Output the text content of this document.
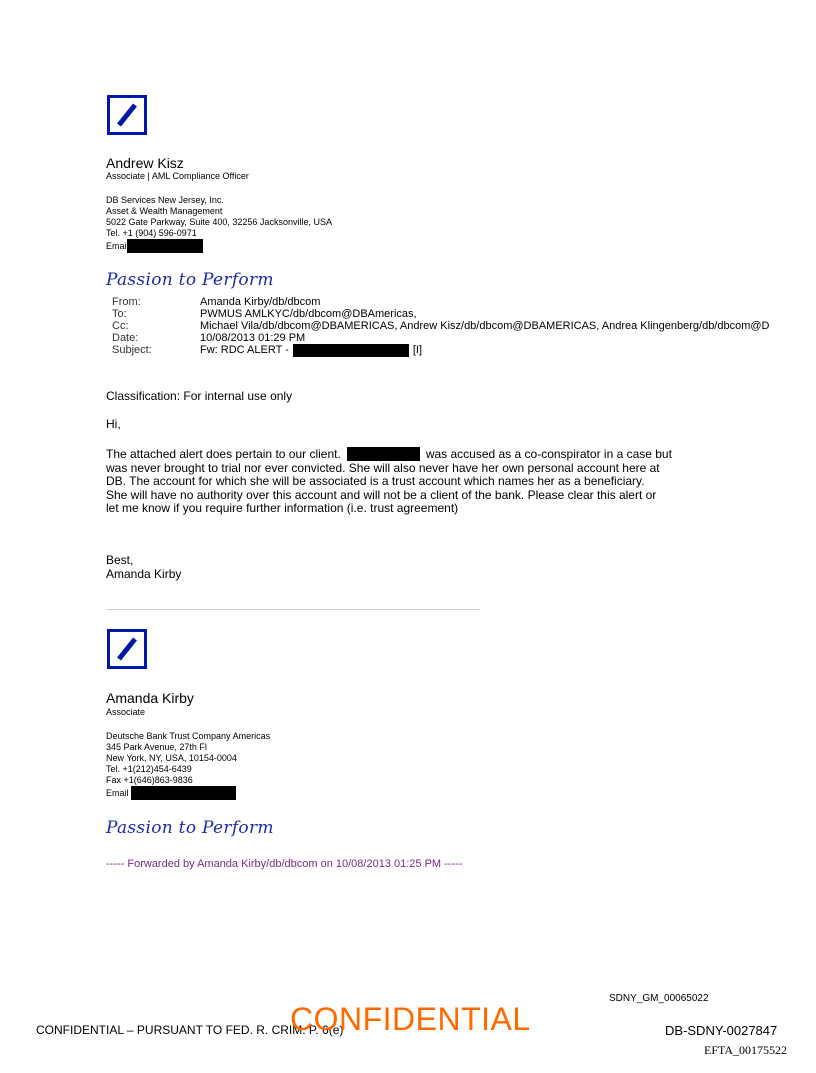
Andrew Kisz
Associate | AML Compliance Officer
DB Services New Jersey, Inc.
Asset & Wealth Management
5022 Gate Parkway, Suite 400, 32256 Jacksonville, USA
Tel. +1 (904) 596-0971
Emai
Passion to Perform
From:	Amanda Kirby/db/dbcom
To:	PWMUS AMLKYC/db/dbcom@DBAmericas,
Cc:	Michael Vila/db/dbcom@DBAMERICAS, Andrew Kisz/db/dbcom@DBAMERICAS, Andrea Klingenberg/db/dbcom@D
Date:	10/08/2013 01:29 PM
Subject:	Fw: RDC ALERT -	[I]
Classification: For internal use only
Hi,
The attached alert does pertain to our client.	was accused as a co-conspirator in a case but
was never brought to trial nor ever convicted. She will also never have her own personal account here at
DB. The account for which she will be associated is a trust account which names her as a beneficiary.
She will have no authority over this account and will not be a client of the bank. Please clear this alert or
let me know if you require further information (i.e. trust agreement)
Best,
Amanda Kirby
Amanda Kirby
Associate
Deutsche Bank Trust Company Americas
345 Park Avenue, 27th Fl
New York, NY, USA, 10154-0004
Tel. +1(212)454-6439
Fax +1(646)863-9836
Email
Passion to Perform
----- Forwarded by Amanda Kirby/db/dbcom on 10/08/2013 01:25 PM -----
SDNY_GM_00065022
CONFIDENTIAL – PURSUANT TO FED. R. CRIM. P. 6(e)
CONFIDENTIAL	DB-SDNY-0027847
EFTA_00175522
